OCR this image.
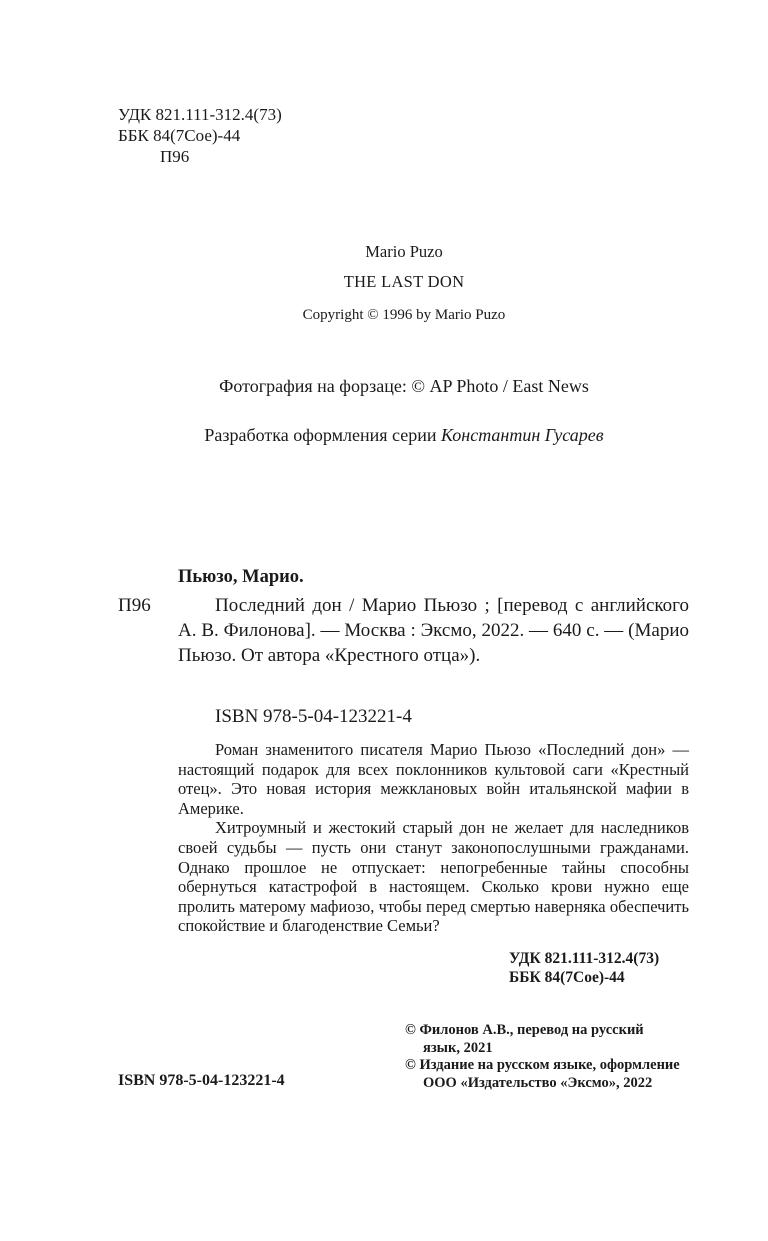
УДК 821.111-312.4(73)
ББК 84(7Сое)-44
П96
Mario Puzo
THE LAST DON
Copyright © 1996 by Mario Puzo
Фотография на форзаце: © AP Photo / East News
Разработка оформления серии Константин Гусарев
Пьюзо, Марио.
П96	Последний дон / Марио Пьюзо ; [перевод с английского А. В. Филонова]. — Москва : Эксмо, 2022. — 640 с. — (Марио Пьюзо. От автора «Крестного отца»).

ISBN 978-5-04-123221-4

Роман знаменитого писателя Марио Пьюзо «Последний дон» — настоящий подарок для всех поклонников культовой саги «Крестный отец». Это новая история межклановых войн итальянской мафии в Америке.

Хитроумный и жестокий старый дон не желает для наследников своей судьбы — пусть они станут законопослушными гражданами. Однако прошлое не отпускает: непогребенные тайны способны обернуться катастрофой в настоящем. Сколько крови нужно еще пролить матерому мафиозо, чтобы перед смертью наверняка обеспечить спокойствие и благоденствие Семьи?

УДК 821.111-312.4(73)
ББК 84(7Сое)-44
© Филонов А.В., перевод на русский
язык, 2021
© Издание на русском языке, оформление
ООО «Издательство «Эксмо», 2022
ISBN 978-5-04-123221-4
